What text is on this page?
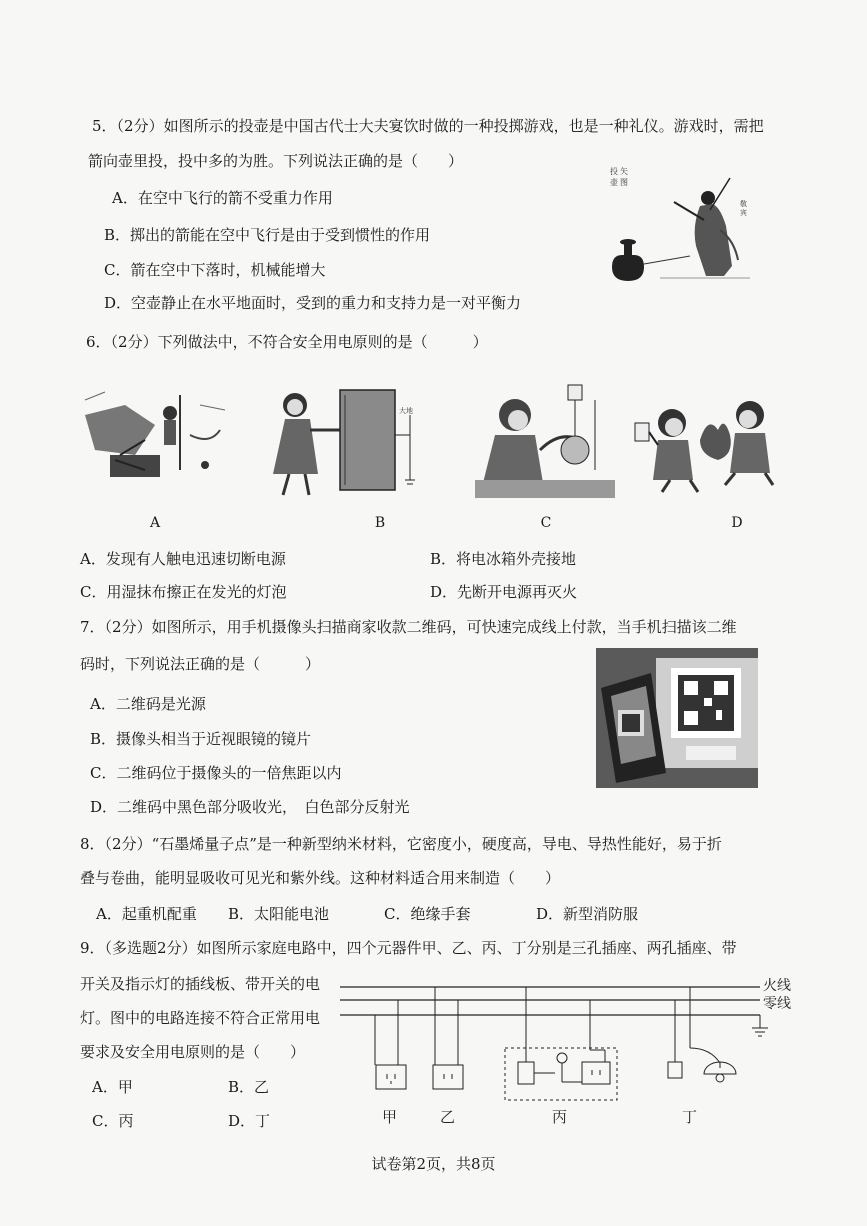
5．（2分）如图所示的投壶是中国古代士大夫宴饮时做的一种投掷游戏，也是一种礼仪。游戏时，需把
箭向壶里投，投中多的为胜。下列说法正确的是（　　）
A．在空中飞行的箭不受重力作用
B．掷出的箭能在空中飞行是由于受到惯性的作用
C．箭在空中下落时，机械能增大
D．空壶静止在水平地面时，受到的重力和支持力是一对平衡力
投
壶
矢
图
敬
宾
6．（2分）下列做法中，不符合安全用电原则的是（　　　）
大地
A	B	C	D
A．发现有人触电迅速切断电源	B．将电冰箱外壳接地
C．用湿抹布擦正在发光的灯泡	D．先断开电源再灭火
7．（2分）如图所示，用手机摄像头扫描商家收款二维码，可快速完成线上付款，当手机扫描该二维
码时，下列说法正确的是（　　　）
A．二维码是光源
B．摄像头相当于近视眼镜的镜片
C．二维码位于摄像头的一倍焦距以内
D．二维码中黑色部分吸收光，　白色部分反射光
8．（2分）“石墨烯量子点”是一种新型纳米材料，它密度小，硬度高，导电、导热性能好，易于折
叠与卷曲，能明显吸收可见光和紫外线。这种材料适合用来制造（　　）
A．起重机配重 B．太阳能电池	C．绝缘手套	D．新型消防服
9．（多选题2分）如图所示家庭电路中，四个元器件甲、乙、丙、丁分别是三孔插座、两孔插座、带
开关及指示灯的插线板、带开关的电
灯。图中的电路连接不符合正常用电
要求及安全用电原则的是（　　）
A．甲	B．乙
C．丙	D．丁
火线
零线
甲	乙	丙	丁
试卷第2页，共8页
